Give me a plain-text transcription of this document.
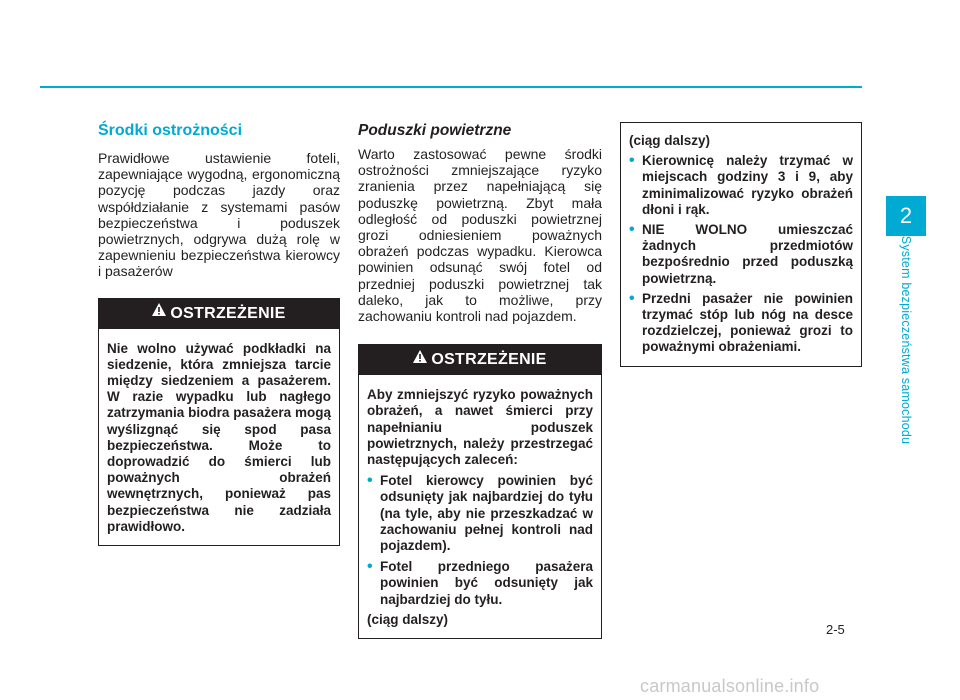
Środki ostrożności

Prawidłowe ustawienie foteli, zapewniające wygodną, ergonomiczną pozycję podczas jazdy oraz współdziałanie z systemami pasów bezpieczeństwa i poduszek powietrznych, odgrywa dużą rolę w zapewnieniu bezpieczeństwa kierowcy i pasażerów

OSTRZEŻENIE

Nie wolno używać podkładki na siedzenie, która zmniejsza tarcie między siedzeniem a pasażerem. W razie wypadku lub nagłego zatrzymania biodra pasażera mogą wyślizgnąć się spod pasa bezpieczeństwa. Może to doprowadzić do śmierci lub poważnych obrażeń wewnętrznych, ponieważ pas bezpieczeństwa nie zadziała prawidłowo.

Poduszki powietrzne

Warto zastosować pewne środki ostrożności zmniejszające ryzyko zranienia przez napełniającą się poduszkę powietrzną. Zbyt mała odległość od poduszki powietrznej grozi odniesieniem poważnych obrażeń podczas wypadku. Kierowca powinien odsunąć swój fotel od przedniej poduszki powietrznej tak daleko, jak to możliwe, przy zachowaniu kontroli nad pojazdem.

OSTRZEŻENIE

Aby zmniejszyć ryzyko poważnych obrażeń, a nawet śmierci przy napełnianiu poduszek powietrznych, należy przestrzegać następujących zaleceń:

• Fotel kierowcy powinien być odsunięty jak najbardziej do tyłu (na tyle, aby nie przeszkadzać w zachowaniu pełnej kontroli nad pojazdem).
• Fotel przedniego pasażera powinien być odsunięty jak najbardziej do tyłu.

(ciąg dalszy)

(ciąg dalszy)

• Kierownicę należy trzymać w miejscach godziny 3 i 9, aby zminimalizować ryzyko obrażeń dłoni i rąk.
• NIE WOLNO umieszczać żadnych przedmiotów bezpośrednio przed poduszką powietrzną.
• Przedni pasażer nie powinien trzymać stóp lub nóg na desce rozdzielczej, ponieważ grozi to poważnymi obrażeniami.
2
System bezpieczeństwa samochodu
2-5
carmanualsonline.info
